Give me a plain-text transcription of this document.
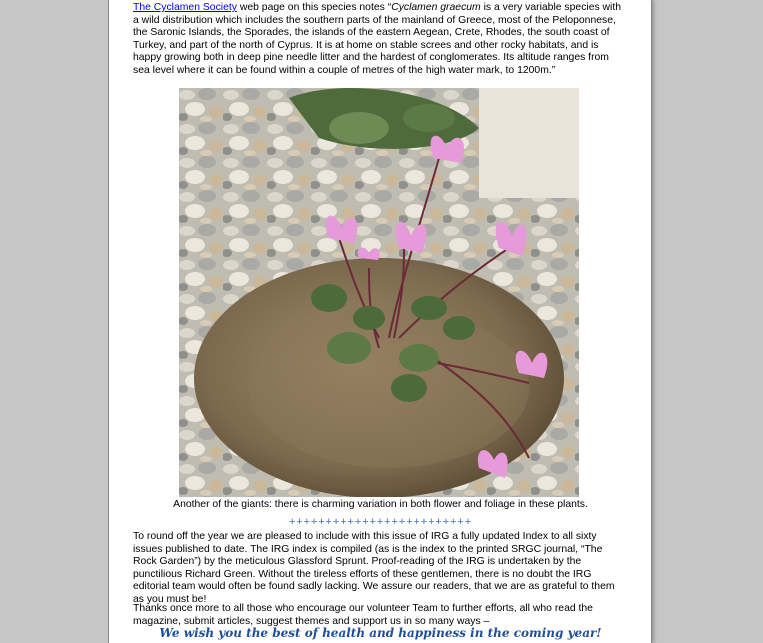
The Cyclamen Society web page on this species notes “Cyclamen graecum is a very variable species with a wild distribution which includes the southern parts of the mainland of Greece, most of the Peloponnese, the Saronic Islands, the Sporades, the islands of the eastern Aegean, Crete, Rhodes, the south coast of Turkey, and part of the north of Cyprus. It is at home on stable screes and other rocky habitats, and is happy growing both in deep pine needle litter and the hardest of conglomerates. Its altitude ranges from sea level where it can be found within a couple of metres of the high water mark, to 1200m.”
Another of the giants: there is charming variation in both flower and foliage in these plants.
+++++++++++++++++++++++++
To round off the year we are pleased to include with this issue of IRG a fully updated Index to all sixty issues published to date. The IRG index is compiled (as is the index to the printed SRGC journal, “The Rock Garden”) by the meticulous Glassford Sprunt. Proof-reading of the IRG is undertaken by the punctilious Richard Green. Without the tireless efforts of these gentlemen, there is no doubt the IRG editorial team would often be found sadly lacking. We assure our readers, that we are as grateful to them as you must be!
Thanks once more to all those who encourage our volunteer Team to further efforts, all who read the magazine, submit articles, suggest themes and support us in so many ways –
We wish you the best of health and happiness in the coming year!
